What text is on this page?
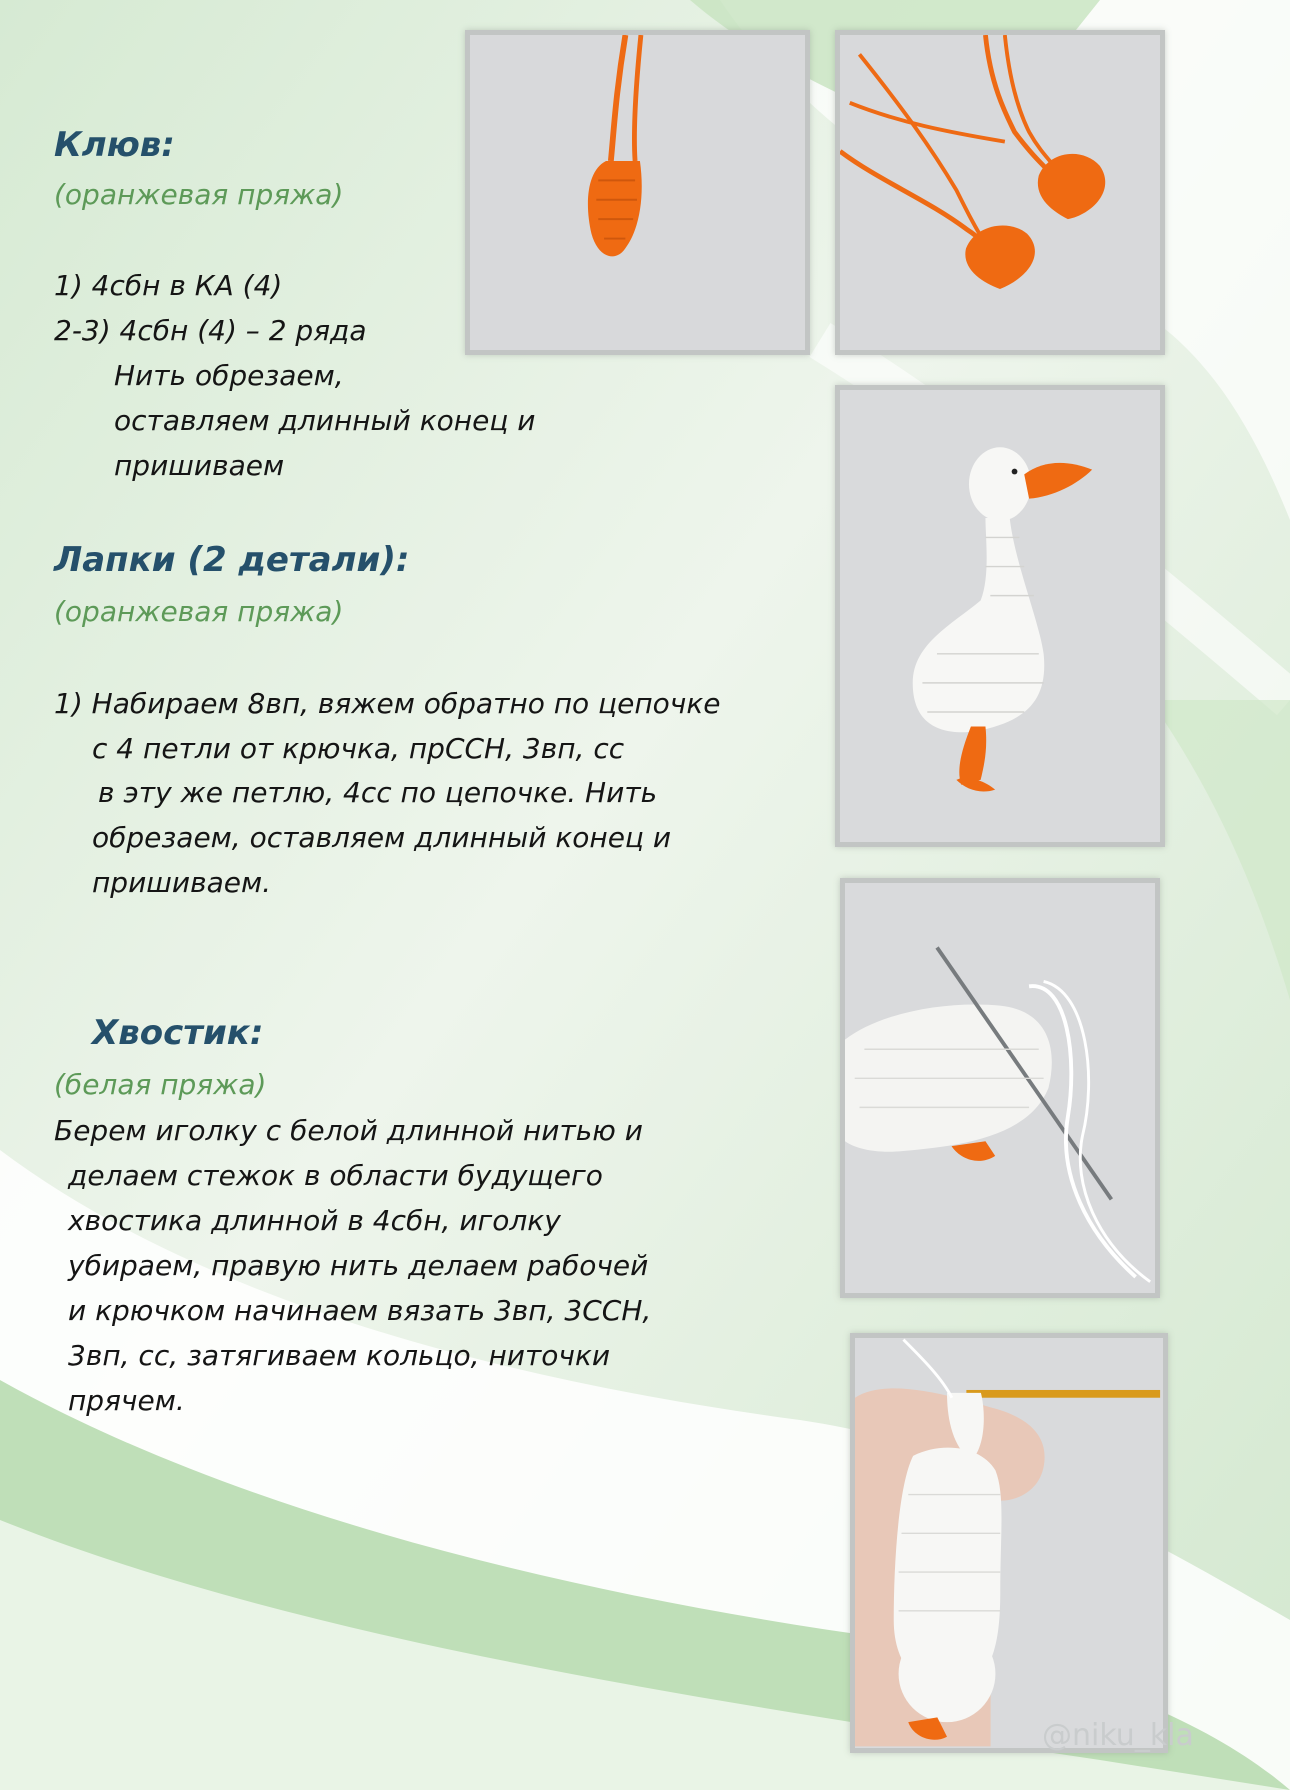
@niku_kla
Клюв:
(оранжевая пряжа)
1) 4сбн в КА (4)
2-3) 4сбн (4) – 2 ряда
Нить обрезаем,
оставляем длинный конец и
пришиваем
Лапки (2 детали):
(оранжевая пряжа)
1) Набираем 8вп, вяжем обратно по цепочке
с 4 петли от крючка, прССН, 3вп, сс
в эту же петлю, 4сс по цепочке. Нить
обрезаем, оставляем длинный конец и
пришиваем.
Хвостик:
(белая пряжа)
Берем иголку с белой длинной нитью и
делаем стежок в области будущего
хвостика длинной в 4сбн, иголку
убираем, правую нить делаем рабочей
и крючком начинаем вязать 3вп, 3ССН,
3вп, сс, затягиваем кольцо, ниточки
прячем.
